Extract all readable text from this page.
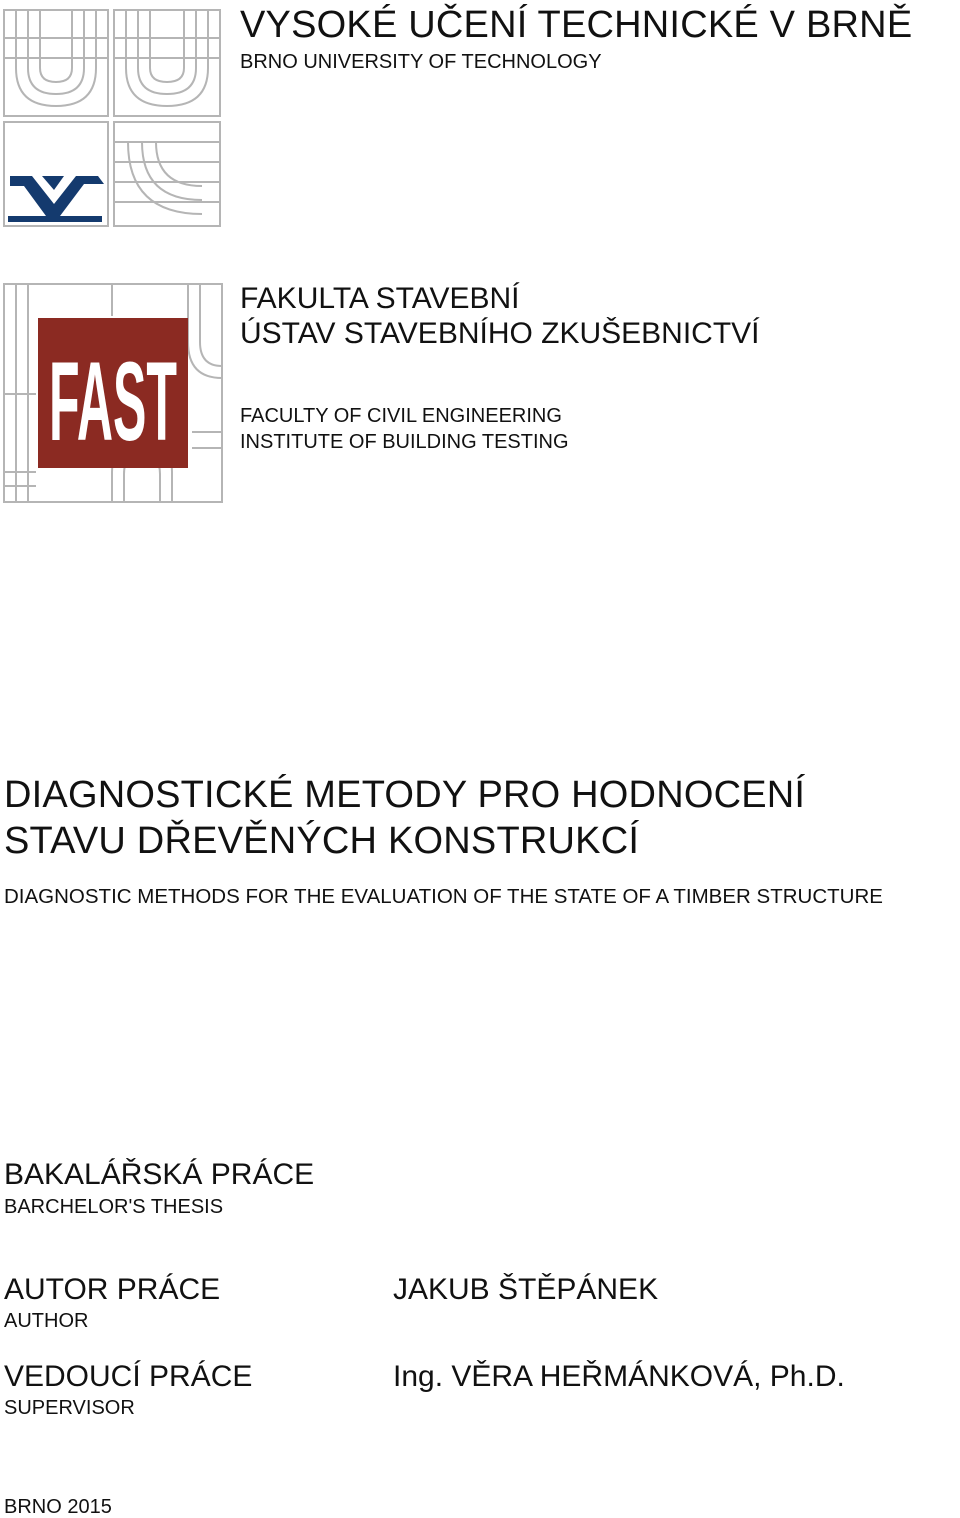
FAST
VYSOKÉ UČENÍ TECHNICKÉ V BRNĚ
BRNO UNIVERSITY OF TECHNOLOGY
FAKULTA STAVEBNÍ
ÚSTAV STAVEBNÍHO ZKUŠEBNICTVÍ
FACULTY OF CIVIL ENGINEERING
INSTITUTE OF BUILDING TESTING
DIAGNOSTICKÉ METODY PRO HODNOCENÍ
STAVU DŘEVĚNÝCH KONSTRUKCÍ
DIAGNOSTIC METHODS FOR THE EVALUATION OF THE STATE OF A TIMBER STRUCTURE
BAKALÁŘSKÁ PRÁCE
BARCHELOR'S THESIS
AUTOR PRÁCE
AUTHOR
JAKUB ŠTĚPÁNEK
VEDOUCÍ PRÁCE
SUPERVISOR
Ing. VĚRA HEŘMÁNKOVÁ, Ph.D.
BRNO 2015
